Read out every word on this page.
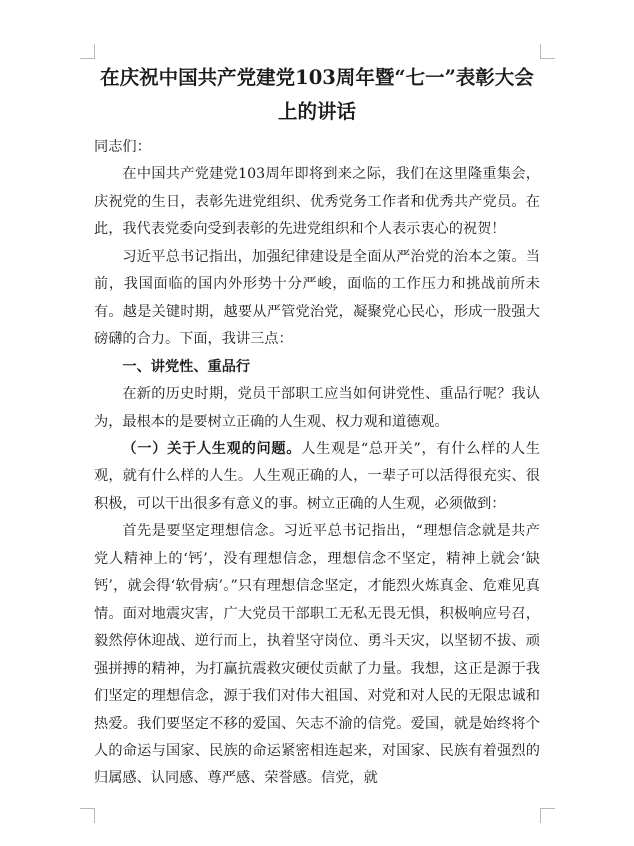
在庆祝中国共产党建党103周年暨“七一”表彰大会上的讲话

同志们：

在中国共产党建党103周年即将到来之际，我们在这里隆重集会，庆祝党的生日，表彰先进党组织、优秀党务工作者和优秀共产党员。在此，我代表党委向受到表彰的先进党组织和个人表示衷心的祝贺！

习近平总书记指出，加强纪律建设是全面从严治党的治本之策。当前，我国面临的国内外形势十分严峻，面临的工作压力和挑战前所未有。越是关键时期，越要从严管党治党，凝聚党心民心，形成一股强大磅礴的合力。下面，我讲三点：

一、讲党性、重品行

在新的历史时期，党员干部职工应当如何讲党性、重品行呢？我认为，最根本的是要树立正确的人生观、权力观和道德观。

（一）关于人生观的问题。人生观是“总开关”，有什么样的人生观，就有什么样的人生。人生观正确的人，一辈子可以活得很充实、很积极，可以干出很多有意义的事。树立正确的人生观，必须做到：

首先是要坚定理想信念。习近平总书记指出，“理想信念就是共产党人精神上的‘钙’，没有理想信念，理想信念不坚定，精神上就会‘缺钙’，就会得‘软骨病’。”只有理想信念坚定，才能烈火炼真金、危难见真情。面对地震灾害，广大党员干部职工无私无畏无惧，积极响应号召，毅然停休迎战、逆行而上，执着坚守岗位、勇斗天灾，以坚韧不拔、顽强拼搏的精神，为打赢抗震救灾硬仗贡献了力量。我想，这正是源于我们坚定的理想信念，源于我们对伟大祖国、对党和对人民的无限忠诚和热爱。我们要坚定不移的爱国、矢志不渝的信党。爱国，就是始终将个人的命运与国家、民族的命运紧密相连起来，对国家、民族有着强烈的归属感、认同感、尊严感、荣誉感。信党，就
